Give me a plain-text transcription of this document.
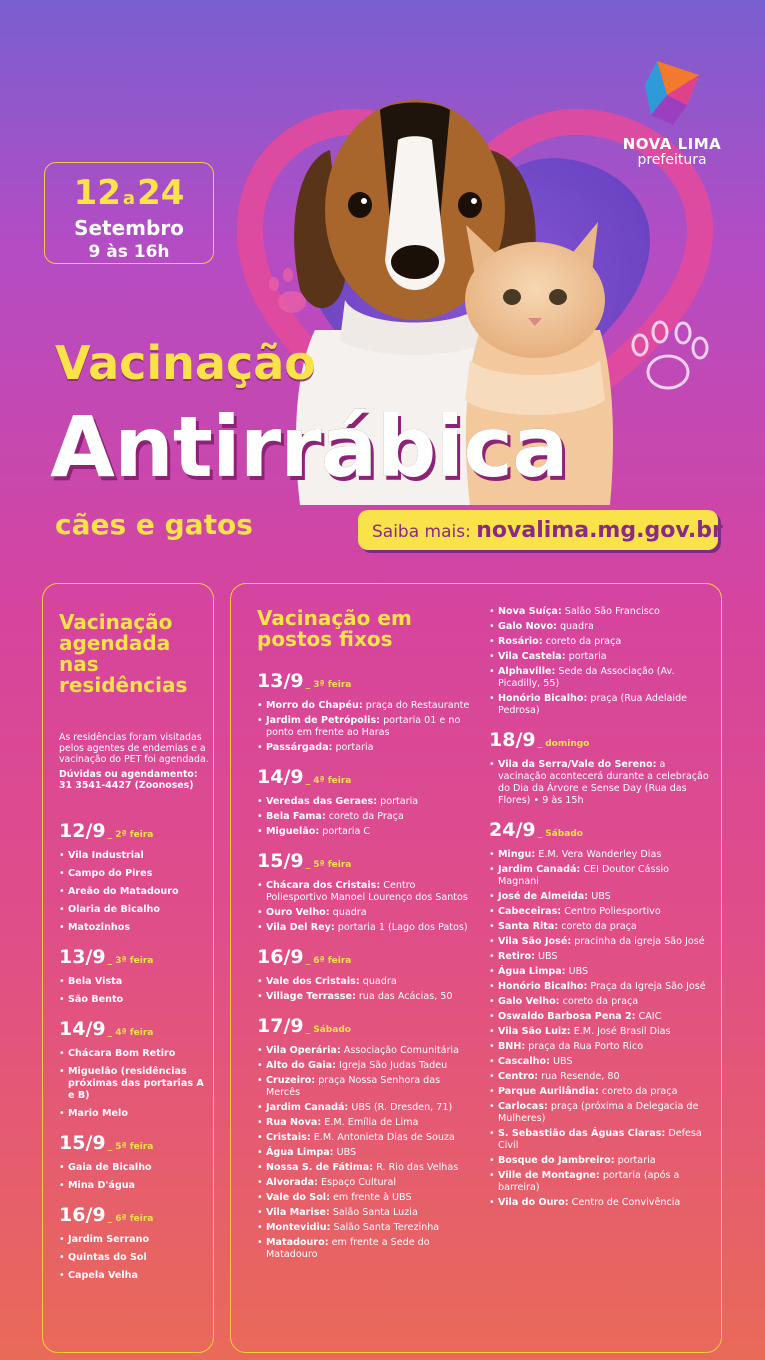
NOVA LIMA
prefeitura
12 a24
Setembro
9 às 16h
Vacinação
Antirrábica
cães e gatos	Saiba mais: novalima.mg.gov.br
Vacinação
agendada
nas
residências
As residências foram visitadas pelos agentes de endemias e a vacinação do PET foi agendada.
Dúvidas ou agendamento:
31 3541-4427 (Zoonoses)
12/9 _ 2ª feira
• Vila Industrial
• Campo do Pires
• Areão do Matadouro
• Olaria de Bicalho
• Matozinhos
13/9 _ 3ª feira
• Bela Vista
• São Bento
14/9 _ 4ª feira
• Chácara Bom Retiro
• Miguelão (residências próximas das portarias A e B)
• Mario Melo
15/9 _ 5ª feira
• Gaia de Bicalho
• Mina D'água
16/9 _ 6ª feira
• Jardim Serrano
• Quintas do Sol
• Capela Velha
Vacinação em
postos fixos
13/9 _ 3ª feira
• Morro do Chapéu: praça do Restaurante
• Jardim de Petrópolis: portaria 01 e no ponto em frente ao Haras
• Passárgada: portaria
14/9 _ 4ª feira
• Veredas das Geraes: portaria
• Bela Fama: coreto da Praça
• Miguelão: portaria C
15/9 _ 5ª feira
• Chácara dos Cristais: Centro Poliesportivo Manoel Lourenço dos Santos
• Ouro Velho: quadra
• Vila Del Rey: portaria 1 (Lago dos Patos)
16/9 _ 6ª feira
• Vale dos Cristais: quadra
• Village Terrasse: rua das Acácias, 50
17/9 _ Sábado
• Vila Operária: Associação Comunitária
• Alto do Gaia: Igreja São Judas Tadeu
• Cruzeiro: praça Nossa Senhora das Mercês
• Jardim Canadá: UBS (R. Dresden, 71)
• Rua Nova: E.M. Emília de Lima
• Cristais: E.M. Antonieta Dias de Souza
• Água Limpa: UBS
• Nossa S. de Fátima: R. Rio das Velhas
• Alvorada: Espaço Cultural
• Vale do Sol: em frente à UBS
• Vila Marise: Salão Santa Luzia
• Montevidiu: Salão Santa Terezinha
• Matadouro: em frente a Sede do Matadouro
• Nova Suíça: Salão São Francisco
• Galo Novo: quadra
• Rosário: coreto da praça
• Vila Castela: portaria
• Alphaville: Sede da Associação (Av. Picadilly, 55)
• Honório Bicalho: praça (Rua Adelaide Pedrosa)
18/9 _ domingo
• Vila da Serra/Vale do Sereno: a vacinação acontecerá durante a celebração do Dia da Árvore e Sense Day (Rua das Flores) • 9 às 15h
24/9 _ Sábado
• Mingu: E.M. Vera Wanderley Dias
• Jardim Canadá: CEI Doutor Cássio Magnani
• José de Almeida: UBS
• Cabeceiras: Centro Poliesportivo
• Santa Rita: coreto da praça
• Vila São José: pracinha da igreja São José
• Retiro: UBS
• Água Limpa: UBS
• Honório Bicalho: Praça da Igreja São José
• Galo Velho: coreto da praça
• Oswaldo Barbosa Pena 2: CAIC
• Vila São Luiz: E.M. José Brasil Dias
• BNH: praça da Rua Porto Rico
• Cascalho: UBS
• Centro: rua Resende, 80
• Parque Aurilândia: coreto da praça
• Carlocas: praça (próxima a Delegacia de Mulheres)
• S. Sebastião das Águas Claras: Defesa Civil
• Bosque do Jambreiro: portaria
• Ville de Montagne: portaria (após a barreira)
• Vila do Ouro: Centro de Convivência
